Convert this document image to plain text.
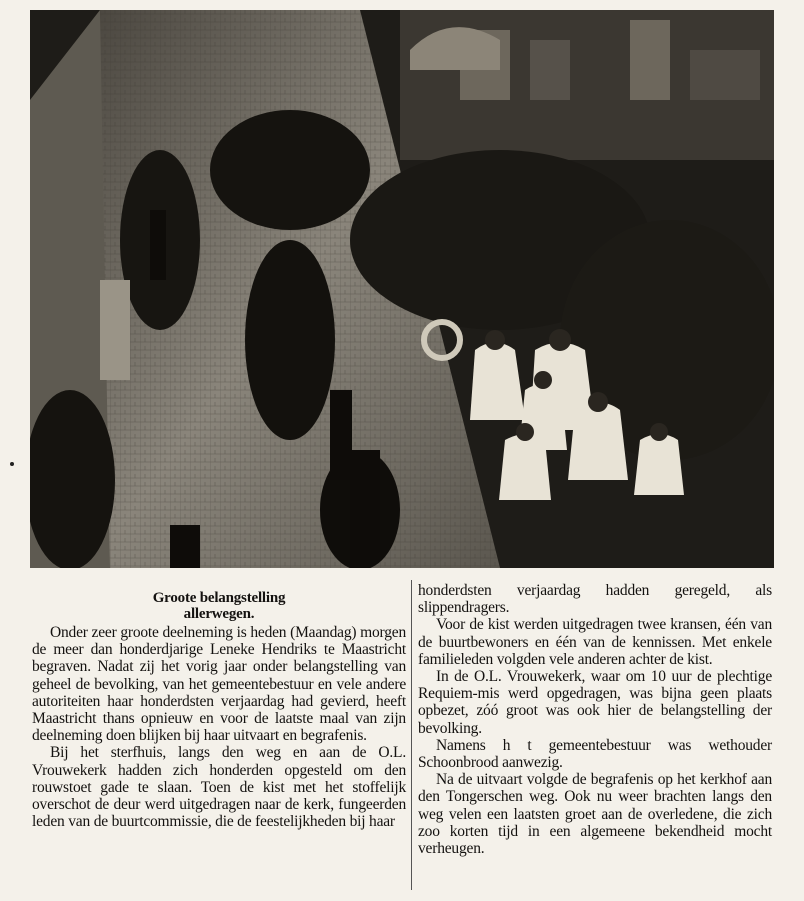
Groote belangstelling
allerwegen.

Onder zeer groote deelneming is heden (Maandag) morgen de meer dan honderdjarige Leneke Hendriks te Maastricht begraven. Nadat zij het vorig jaar onder belangstelling van geheel de bevolking, van het gemeentebestuur en vele andere autoriteiten haar honderdsten verjaardag had gevierd, heeft Maastricht thans opnieuw en voor de laatste maal van zijn deelneming doen blijken bij haar uitvaart en begrafenis.

Bij het sterfhuis, langs den weg en aan de O.L. Vrouwekerk hadden zich honderden opgesteld om den rouwstoet gade te slaan. Toen de kist met het stoffelijk overschot de deur werd uitgedragen naar de kerk, fungeerden leden van de buurtcommissie, die de feestelijkheden bij haar

honderdsten verjaardag hadden geregeld, als slippendragers.

Voor de kist werden uitgedragen twee kransen, één van de buurtbewoners en één van de kennissen. Met enkele familieleden volgden vele anderen achter de kist.

In de O.L. Vrouwekerk, waar om 10 uur de plechtige Requiem-mis werd opgedragen, was bijna geen plaats opbezet, zóó groot was ook hier de belangstelling der bevolking.

Namens h t gemeentebestuur was wethouder Schoonbrood aanwezig.

Na de uitvaart volgde de begrafenis op het kerkhof aan den Tongerschen weg. Ook nu weer brachten langs den weg velen een laatsten groet aan de overledene, die zich zoo korten tijd in een algemeene bekendheid mocht verheugen.
